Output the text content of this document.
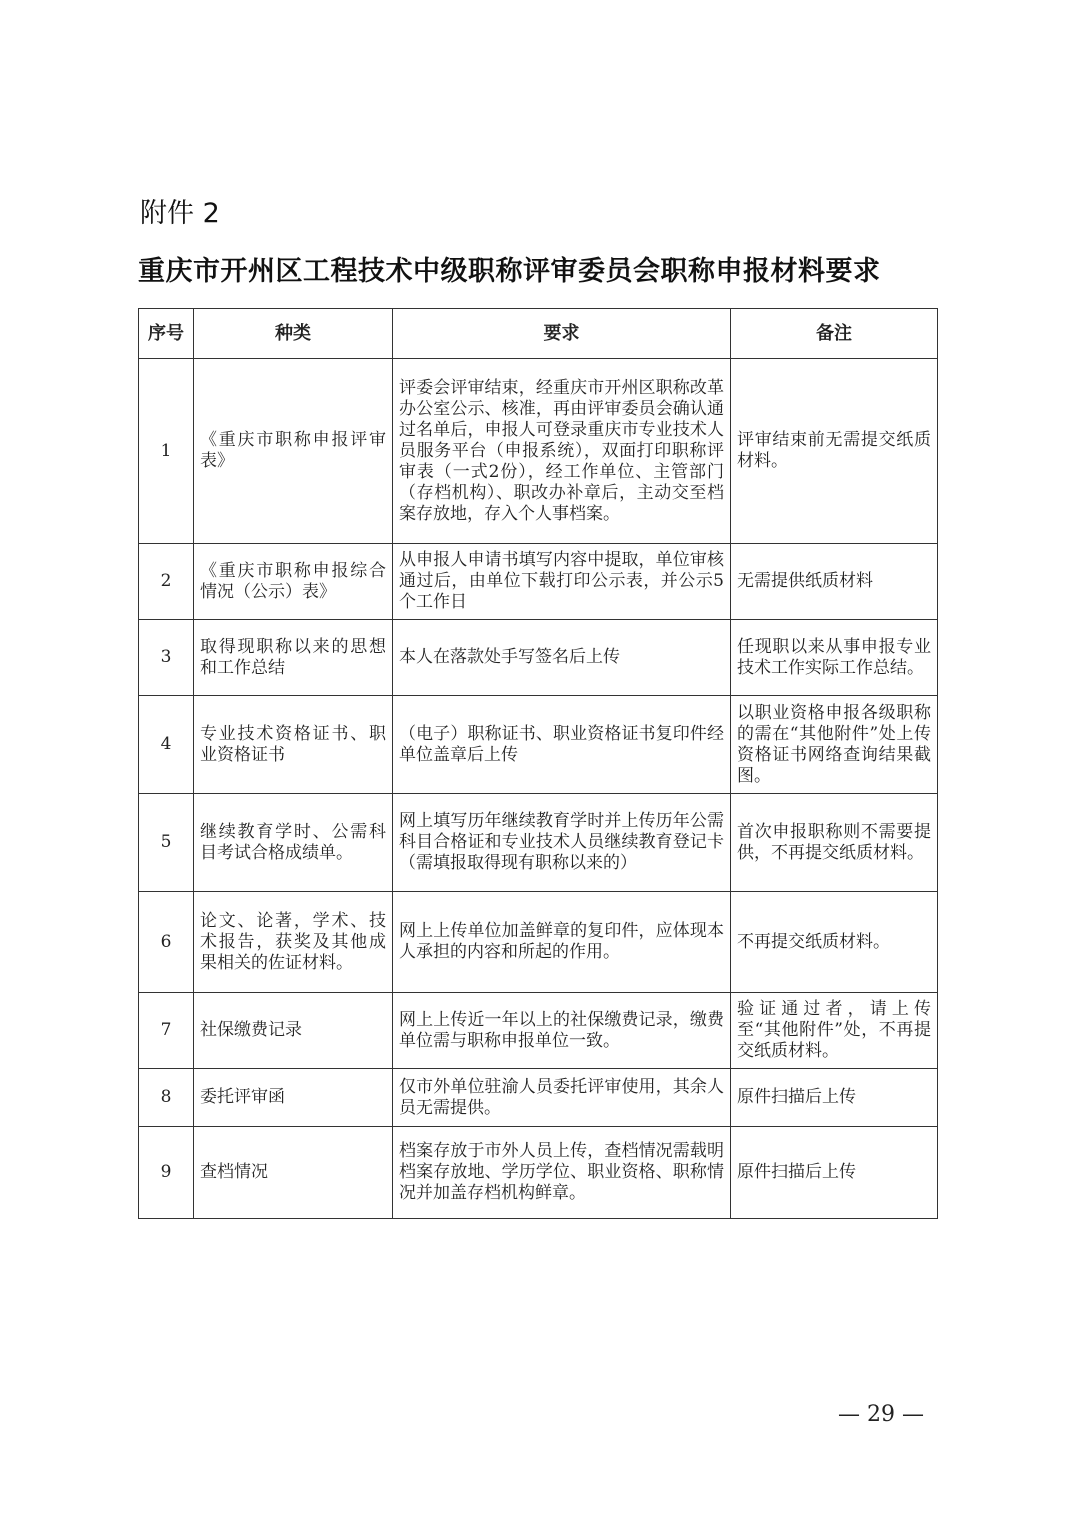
附件 2
重庆市开州区工程技术中级职称评审委员会职称申报材料要求
序号	种类	要求	备注
1	《重庆市职称申报评审表》	评委会评审结束，经重庆市开州区职称改革办公室公示、核准，再由评审委员会确认通过名单后，申报人可登录重庆市专业技术人员服务平台（申报系统），双面打印职称评审表（一式2份），经工作单位、主管部门（存档机构）、职改办补章后，主动交至档案存放地，存入个人事档案。	评审结束前无需提交纸质材料。
2	《重庆市职称申报综合情况（公示）表》	从申报人申请书填写内容中提取，单位审核通过后，由单位下载打印公示表，并公示5个工作日	无需提供纸质材料
3	取得现职称以来的思想和工作总结	本人在落款处手写签名后上传	任现职以来从事申报专业技术工作实际工作总结。
4	专业技术资格证书、职业资格证书	（电子）职称证书、职业资格证书复印件经单位盖章后上传	以职业资格申报各级职称的需在“其他附件”处上传资格证书网络查询结果截图。
5	继续教育学时、公需科目考试合格成绩单。	网上填写历年继续教育学时并上传历年公需科目合格证和专业技术人员继续教育登记卡（需填报取得现有职称以来的）	首次申报职称则不需要提供，不再提交纸质材料。
6	论文、论著，学术、技术报告，获奖及其他成果相关的佐证材料。	网上上传单位加盖鲜章的复印件，应体现本人承担的内容和所起的作用。	不再提交纸质材料。
7	社保缴费记录	网上上传近一年以上的社保缴费记录，缴费单位需与职称申报单位一致。	验证通过者，请上传至“其他附件”处，不再提交纸质材料。
8	委托评审函	仅市外单位驻渝人员委托评审使用，其余人员无需提供。	原件扫描后上传
9	查档情况	档案存放于市外人员上传，查档情况需载明档案存放地、学历学位、职业资格、职称情况并加盖存档机构鲜章。	原件扫描后上传
— 29 —
